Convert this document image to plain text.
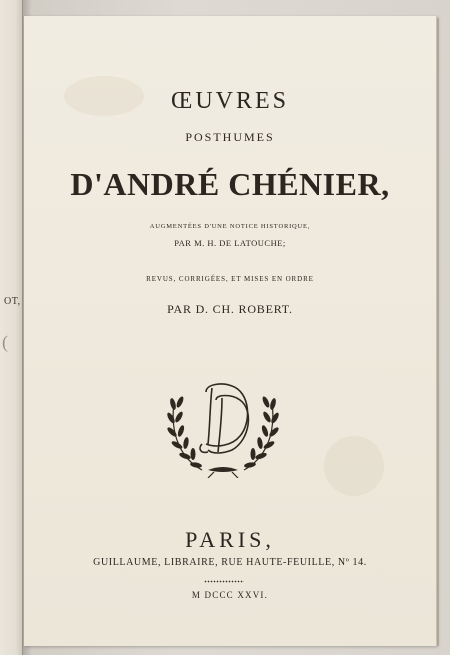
OT,
(
ŒUVRES
POSTHUMES
D'ANDRÉ CHÉNIER,
AUGMENTÉES D'UNE NOTICE HISTORIQUE,
PAR M. H. DE LATOUCHE;
REVUS, CORRIGÉES, ET MISES EN ORDRE
PAR D. CH. ROBERT.
PARIS,
GUILLAUME, LIBRAIRE, RUE HAUTE-FEUILLE, Nº 14.
M DCCC XXVI.
